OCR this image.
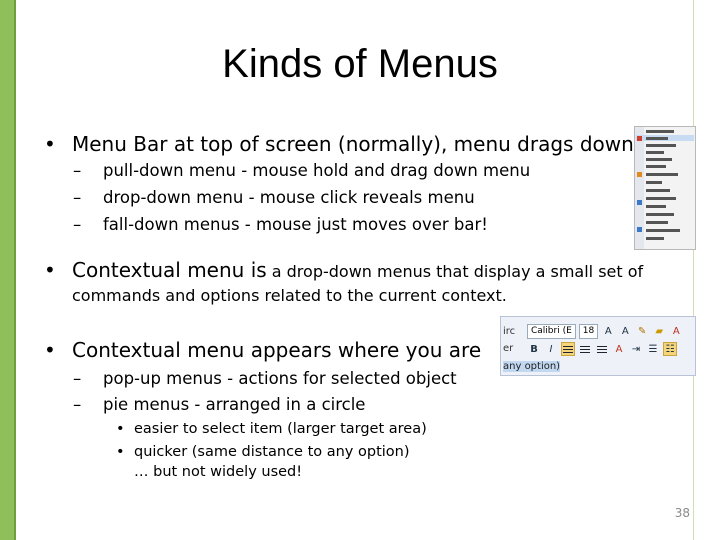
Kinds of Menus
• Menu Bar at top of screen (normally), menu drags down
– pull-down menu - mouse hold and drag down menu
– drop-down menu - mouse click reveals menu
– fall-down menus - mouse just moves over bar!
• Contextual menu is a drop-down menus that display a small set of
commands and options related to the current context.
• Contextual menu appears where you are
irc
er
Calibri (E	18	A	A ✎ ▰ A
B	I	A ⇥ ☰ ☷
any option)
– pop-up menus - actions for selected object
– pie menus - arranged in a circle
• easier to select item (larger target area)
• quicker (same distance to any option)
… but not widely used!
38
